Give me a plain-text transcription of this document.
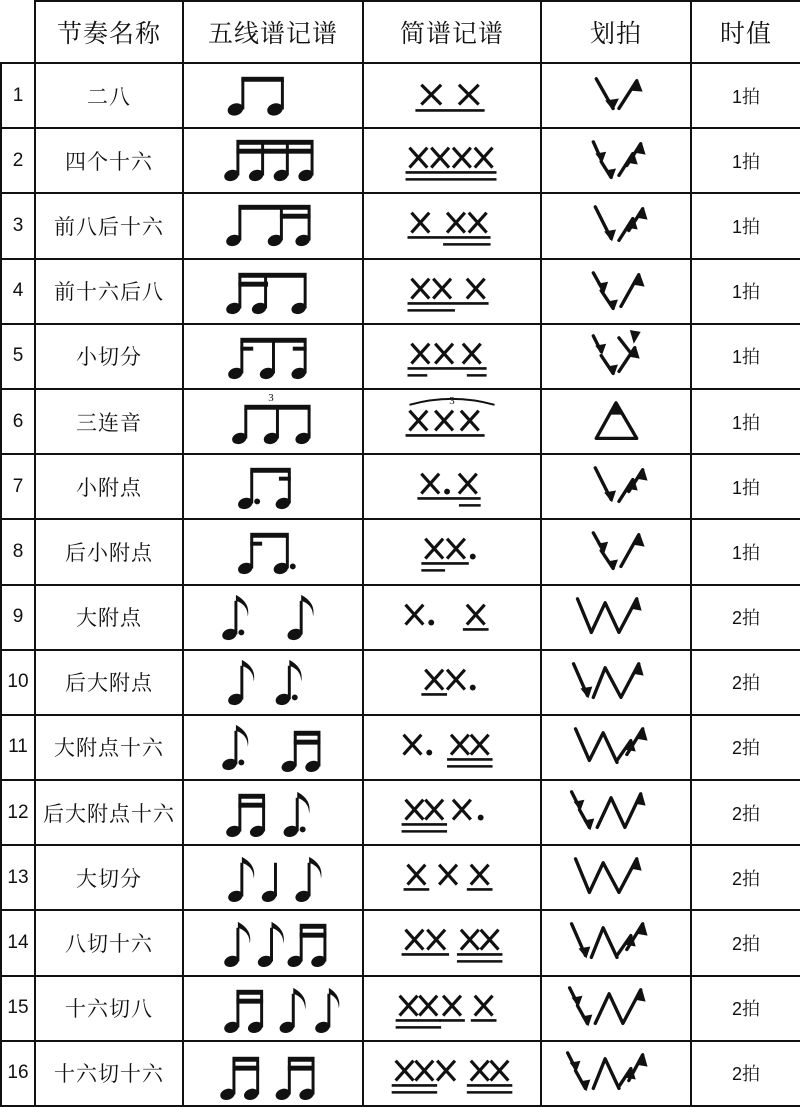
	节奏名称	五线谱记谱	简谱记谱	划拍	时值
1	二八				1拍
2	四个十六				1拍
3	前八后十六				1拍
4	前十六后八				1拍
5	小切分				1拍
6	三连音	3	3		1拍
7	小附点				1拍
8	后小附点				1拍
9	大附点				2拍
10	后大附点				2拍
11	大附点十六				2拍
12	后大附点十六				2拍
13	大切分				2拍
14	八切十六				2拍
15	十六切八				2拍
16	十六切十六				2拍
